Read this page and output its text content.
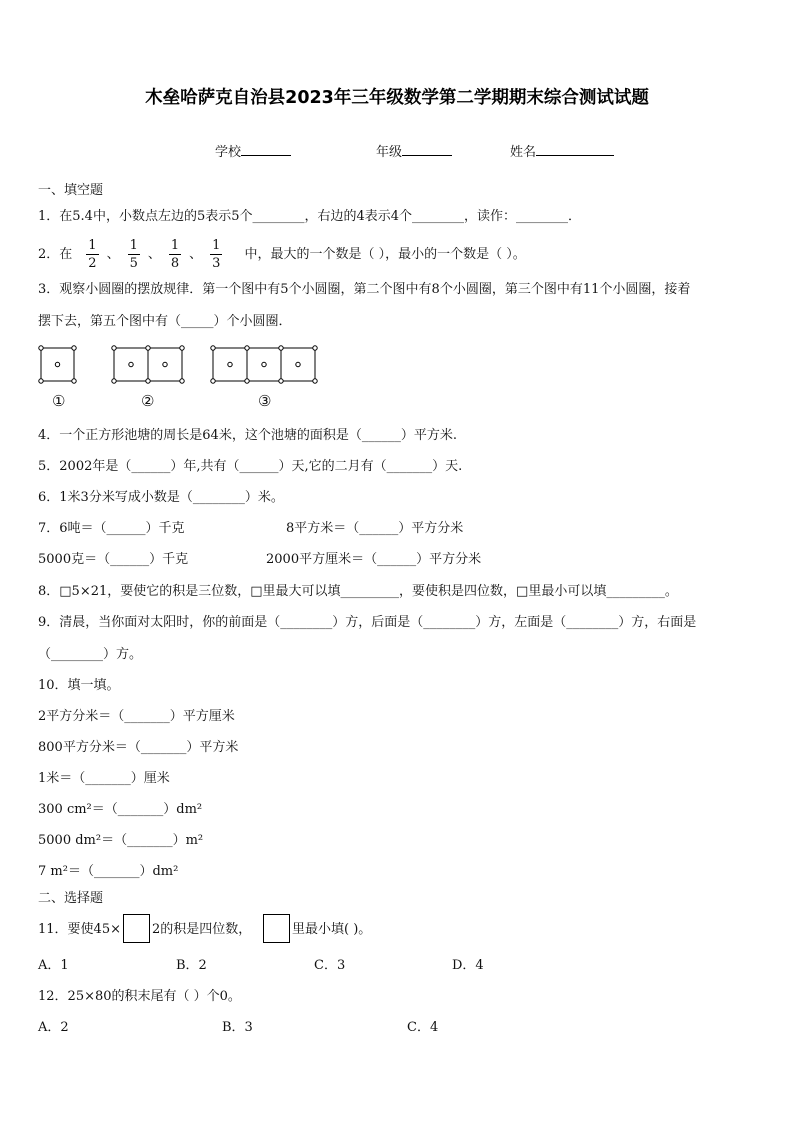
木垒哈萨克自治县2023年三年级数学第二学期期末综合测试试题
学校	年级	姓名
一、填空题
1．在5.4中，小数点左边的5表示5个________，右边的4表示4个________，读作：________．
2．在 $\frac{1}{2}$ 、 $\frac{1}{5}$ 、 $\frac{1}{8}$ 、 $\frac{1}{3}$ 中，最大的一个数是（ ），最小的一个数是（ ）。
3．观察小圆圈的摆放规律．第一个图中有5个小圆圈，第二个图中有8个小圆圈，第三个图中有11个小圆圈，接着
摆下去，第五个图中有（_____）个小圆圈．
①	②	③
4．一个正方形池塘的周长是64米，这个池塘的面积是（______）平方米.
5．2002年是（______）年,共有（______）天,它的二月有（_______）天.
6．1米3分米写成小数是（________）米。
7．6吨＝（______）千克	8平方米＝（______）平方分米
5000克＝（______）千克	2000平方厘米＝（______）平方分米
8．□5×21，要使它的积是三位数，□里最大可以填_________，要使积是四位数，□里最小可以填_________。
9．清晨，当你面对太阳时，你的前面是（________）方，后面是（________）方，左面是（________）方，右面是
（________）方。
10．填一填。
2平方分米＝（_______）平方厘米
800平方分米＝（_______）平方米
1米＝（_______）厘米
300 cm²＝（_______）dm²
5000 dm²＝（_______）m²
7 m²＝（_______）dm²
二、选择题
11．要使45× 2的积是四位数，	里最小填( )。
A．1	B．2	C．3	D．4
12．25×80的积末尾有（ ）个0。
A．2	B．3	C．4
